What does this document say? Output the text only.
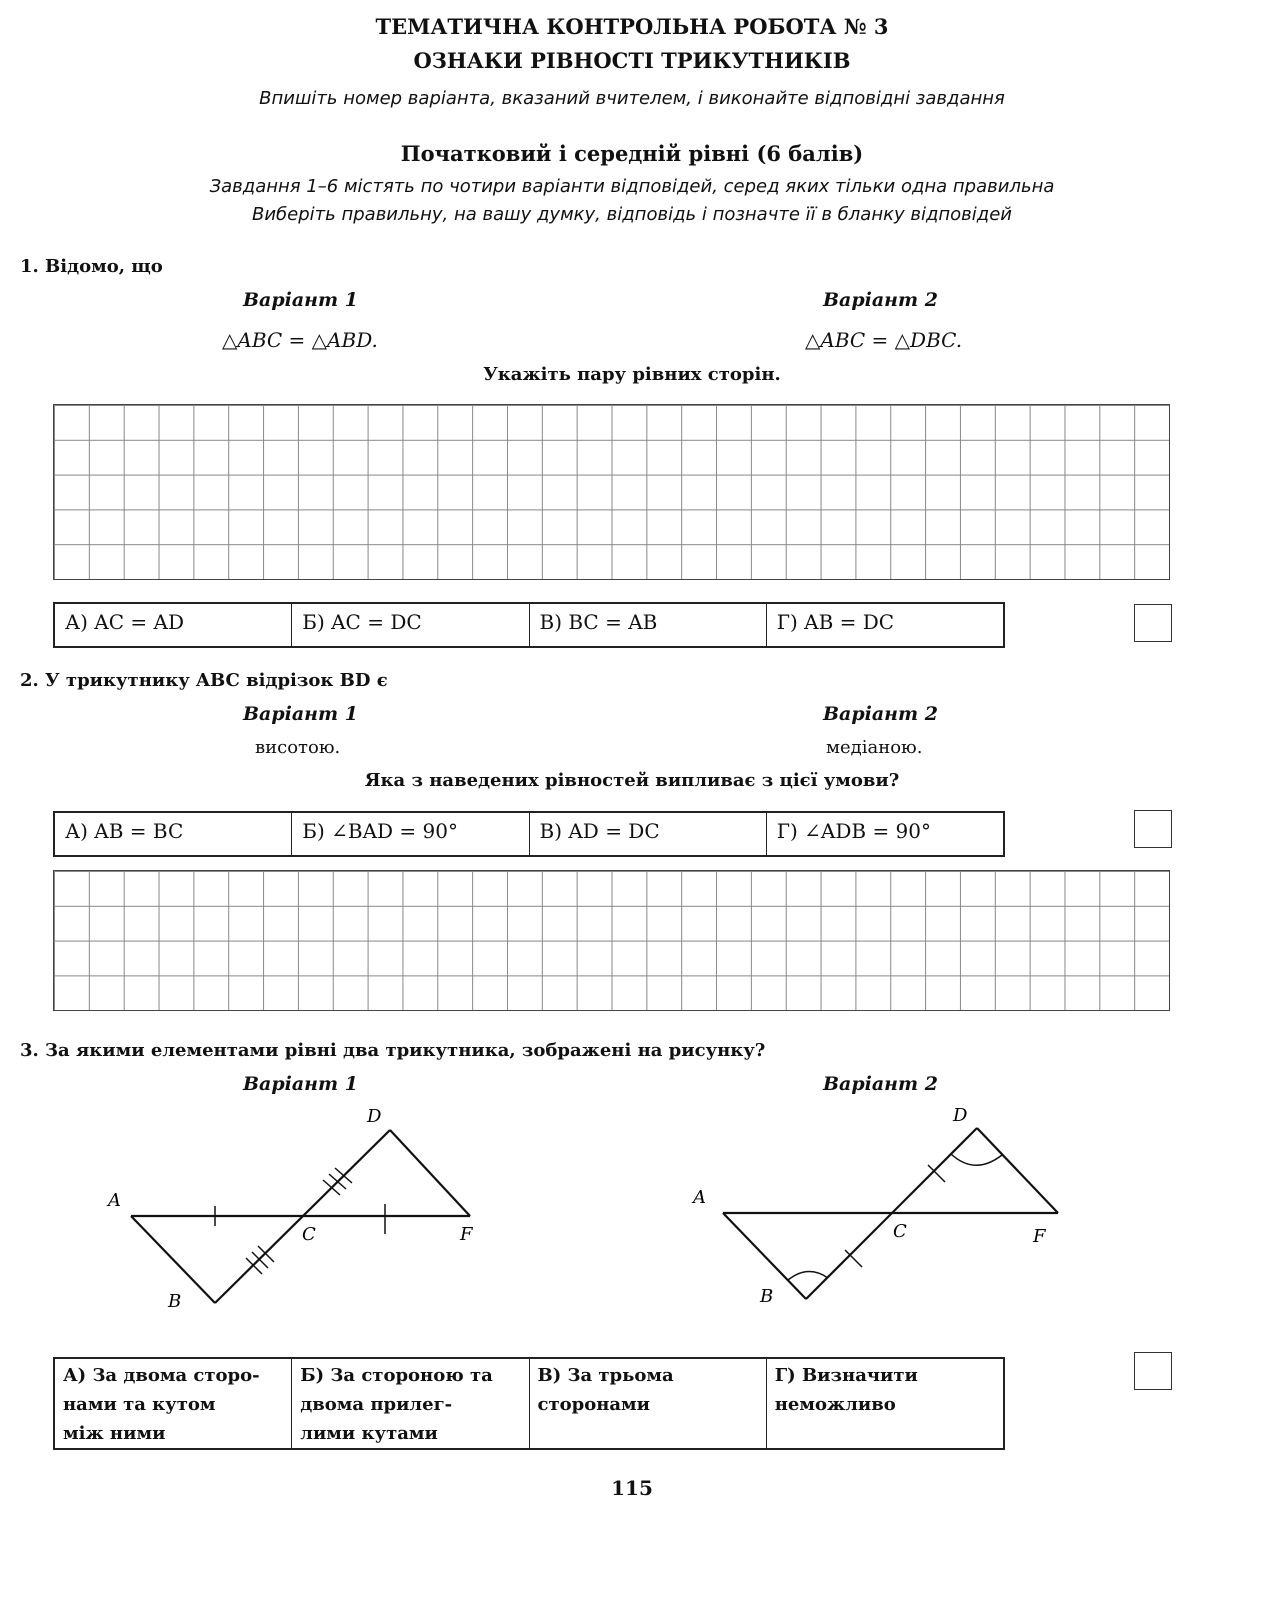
ТЕМАТИЧНА КОНТРОЛЬНА РОБОТА № 3
ОЗНАКИ РІВНОСТІ ТРИКУТНИКІВ
Впишіть номер варіанта, вказаний вчителем, і виконайте відповідні завдання
Початковий і середній рівні (6 балів)
Завдання 1–6 містять по чотири варіанти відповідей, серед яких тільки одна правильна
Виберіть правильну, на вашу думку, відповідь і позначте її в бланку відповідей
1. Відомо, що
Варіант 1	Варіант 2
△ABC = △ABD.	△ABC = △DBC.
Укажіть пару рівних сторін.
А) AC = AD	Б) AC = DC	В) BC = AB	Г) AB = DC
2. У трикутнику ABC відрізок BD є
Варіант 1	Варіант 2
висотою.	медіаною.
Яка з наведених рівностей випливає з цієї умови?
А) AB = BC	Б) ∠BAD = 90°	В) AD = DC	Г) ∠ADB = 90°
3. За якими елементами рівні два трикутника, зображені на рисунку?
Варіант 1	Варіант 2
A
B
C
D
F
A
B
C
D
F
А) За двома сторо-
нами та кутом
між ними
Б) За стороною та
двома прилег-
лими кутами
В) За трьома
сторонами
Г) Визначити
неможливо
115
